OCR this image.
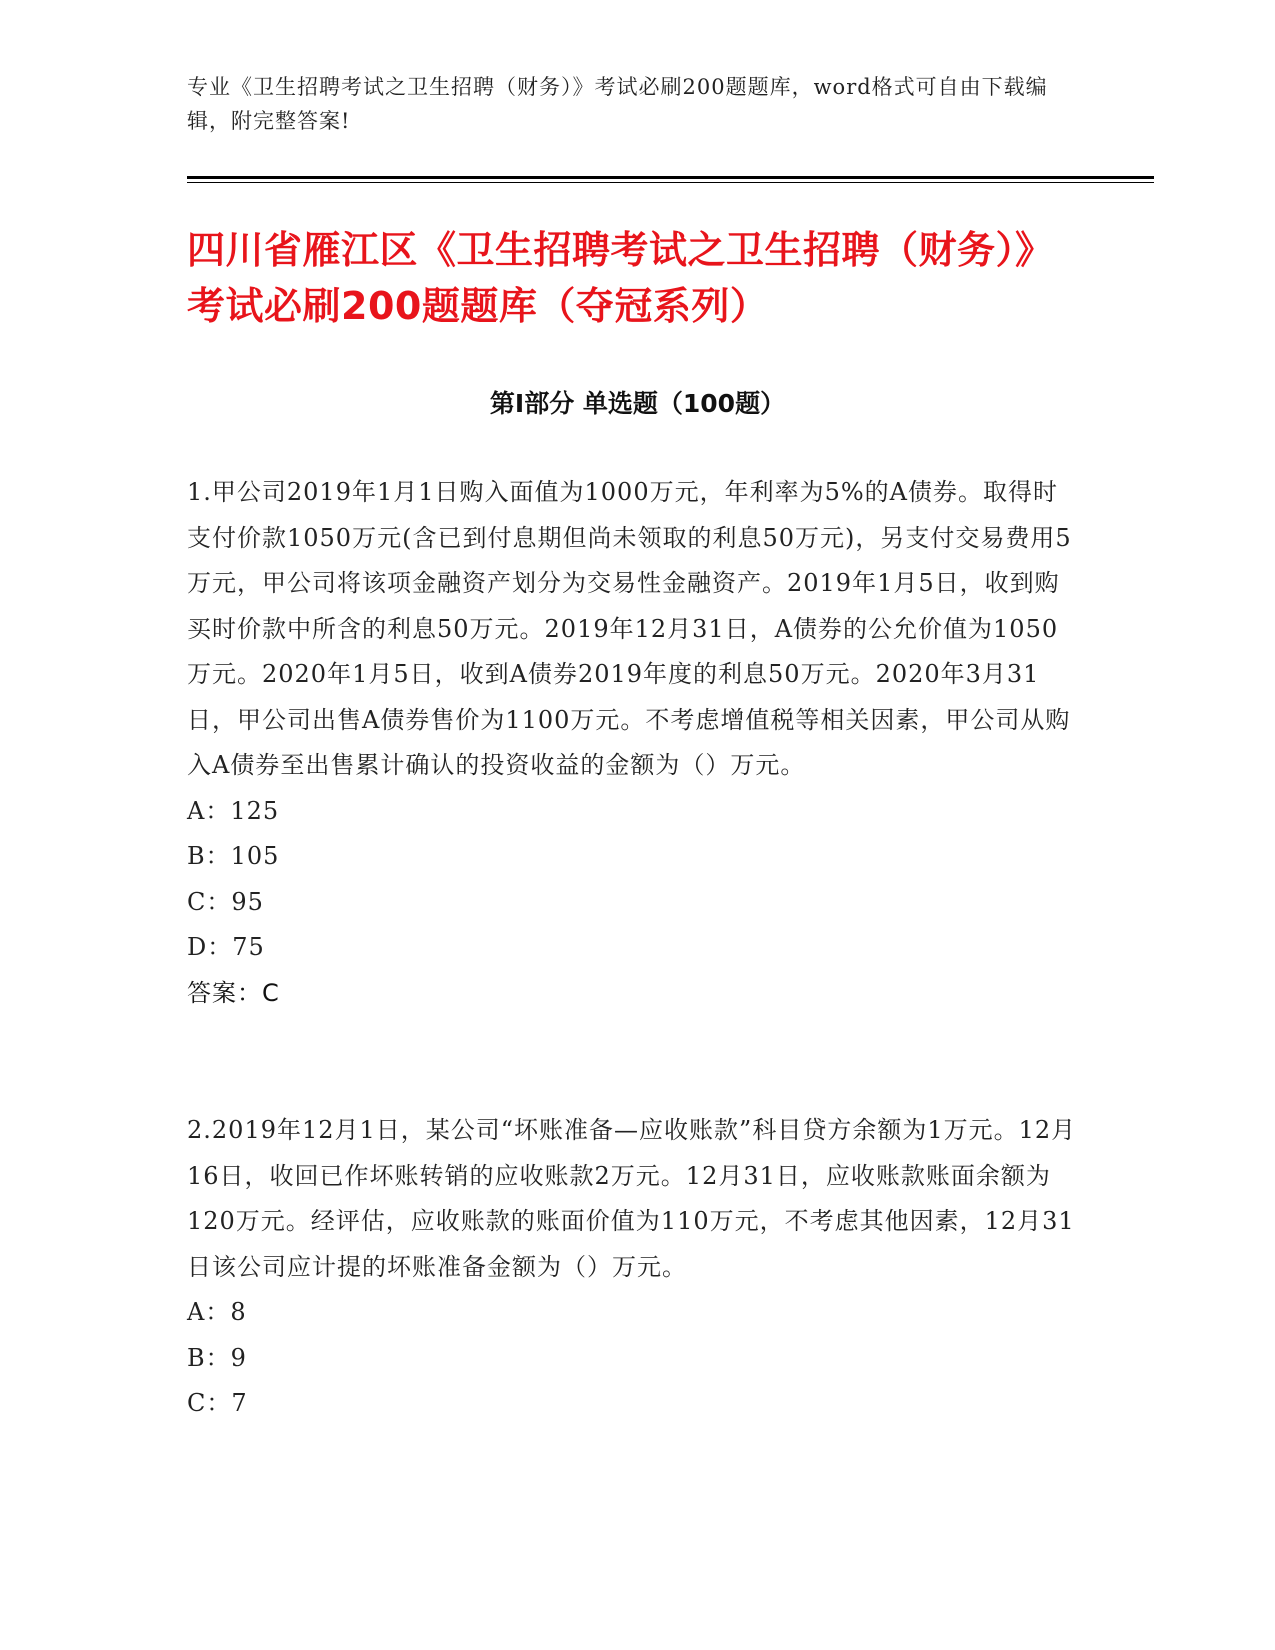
专业《卫生招聘考试之卫生招聘（财务）》考试必刷200题题库，word格式可自由下载编辑，附完整答案!
四川省雁江区《卫生招聘考试之卫生招聘（财务）》考试必刷200题题库（夺冠系列）
第I部分 单选题（100题）

1.甲公司2019年1月1日购入面值为1000万元，年利率为5%的A债券。取得时支付价款1050万元(含已到付息期但尚未领取的利息50万元)，另支付交易费用5万元，甲公司将该项金融资产划分为交易性金融资产。2019年1月5日，收到购买时价款中所含的利息50万元。2019年12月31日，A债券的公允价值为1050万元。2020年1月5日，收到A债券2019年度的利息50万元。2020年3月31日，甲公司出售A债券售价为1100万元。不考虑增值税等相关因素，甲公司从购入A债券至出售累计确认的投资收益的金额为（）万元。

A：125

B：105

C：95

D：75

答案：C

2.2019年12月1日，某公司“坏账准备—应收账款”科目贷方余额为1万元。12月16日，收回已作坏账转销的应收账款2万元。12月31日，应收账款账面余额为120万元。经评估，应收账款的账面价值为110万元，不考虑其他因素，12月31日该公司应计提的坏账准备金额为（）万元。

A：8

B：9

C：7
